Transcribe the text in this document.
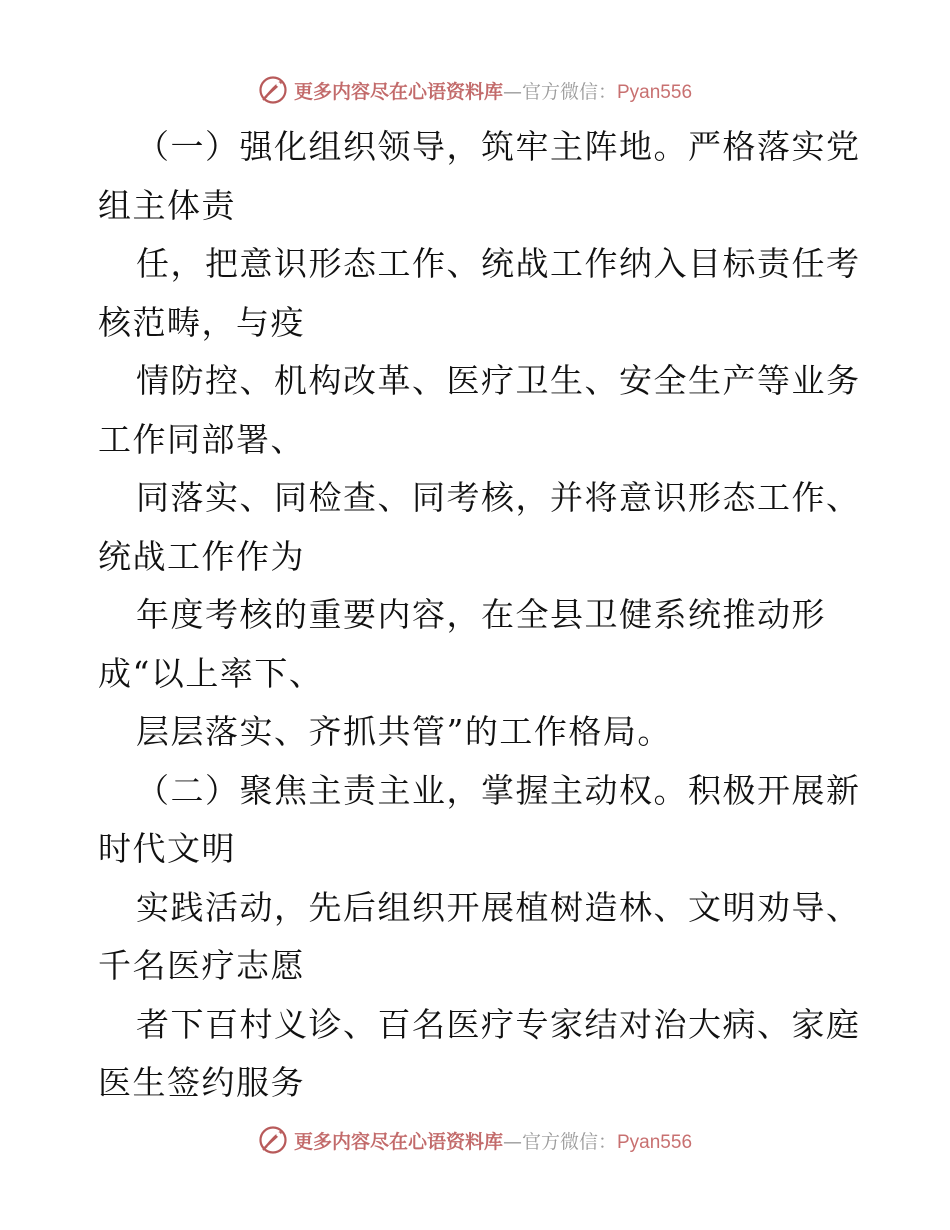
更多内容尽在心语资料库 —官方微信： Pyan556
（一）强化组织领导，筑牢主阵地。严格落实党
组主体责
任，把意识形态工作、统战工作纳入目标责任考
核范畴，与疫
情防控、机构改革、医疗卫生、安全生产等业务
工作同部署、
同落实、同检查、同考核，并将意识形态工作、
统战工作作为
年度考核的重要内容，在全县卫健系统推动形
成“以上率下、
层层落实、齐抓共管”的工作格局。
（二）聚焦主责主业，掌握主动权。积极开展新
时代文明
实践活动，先后组织开展植树造林、文明劝导、
千名医疗志愿
者下百村义诊、百名医疗专家结对治大病、家庭
医生签约服务
更多内容尽在心语资料库 —官方微信： Pyan556
